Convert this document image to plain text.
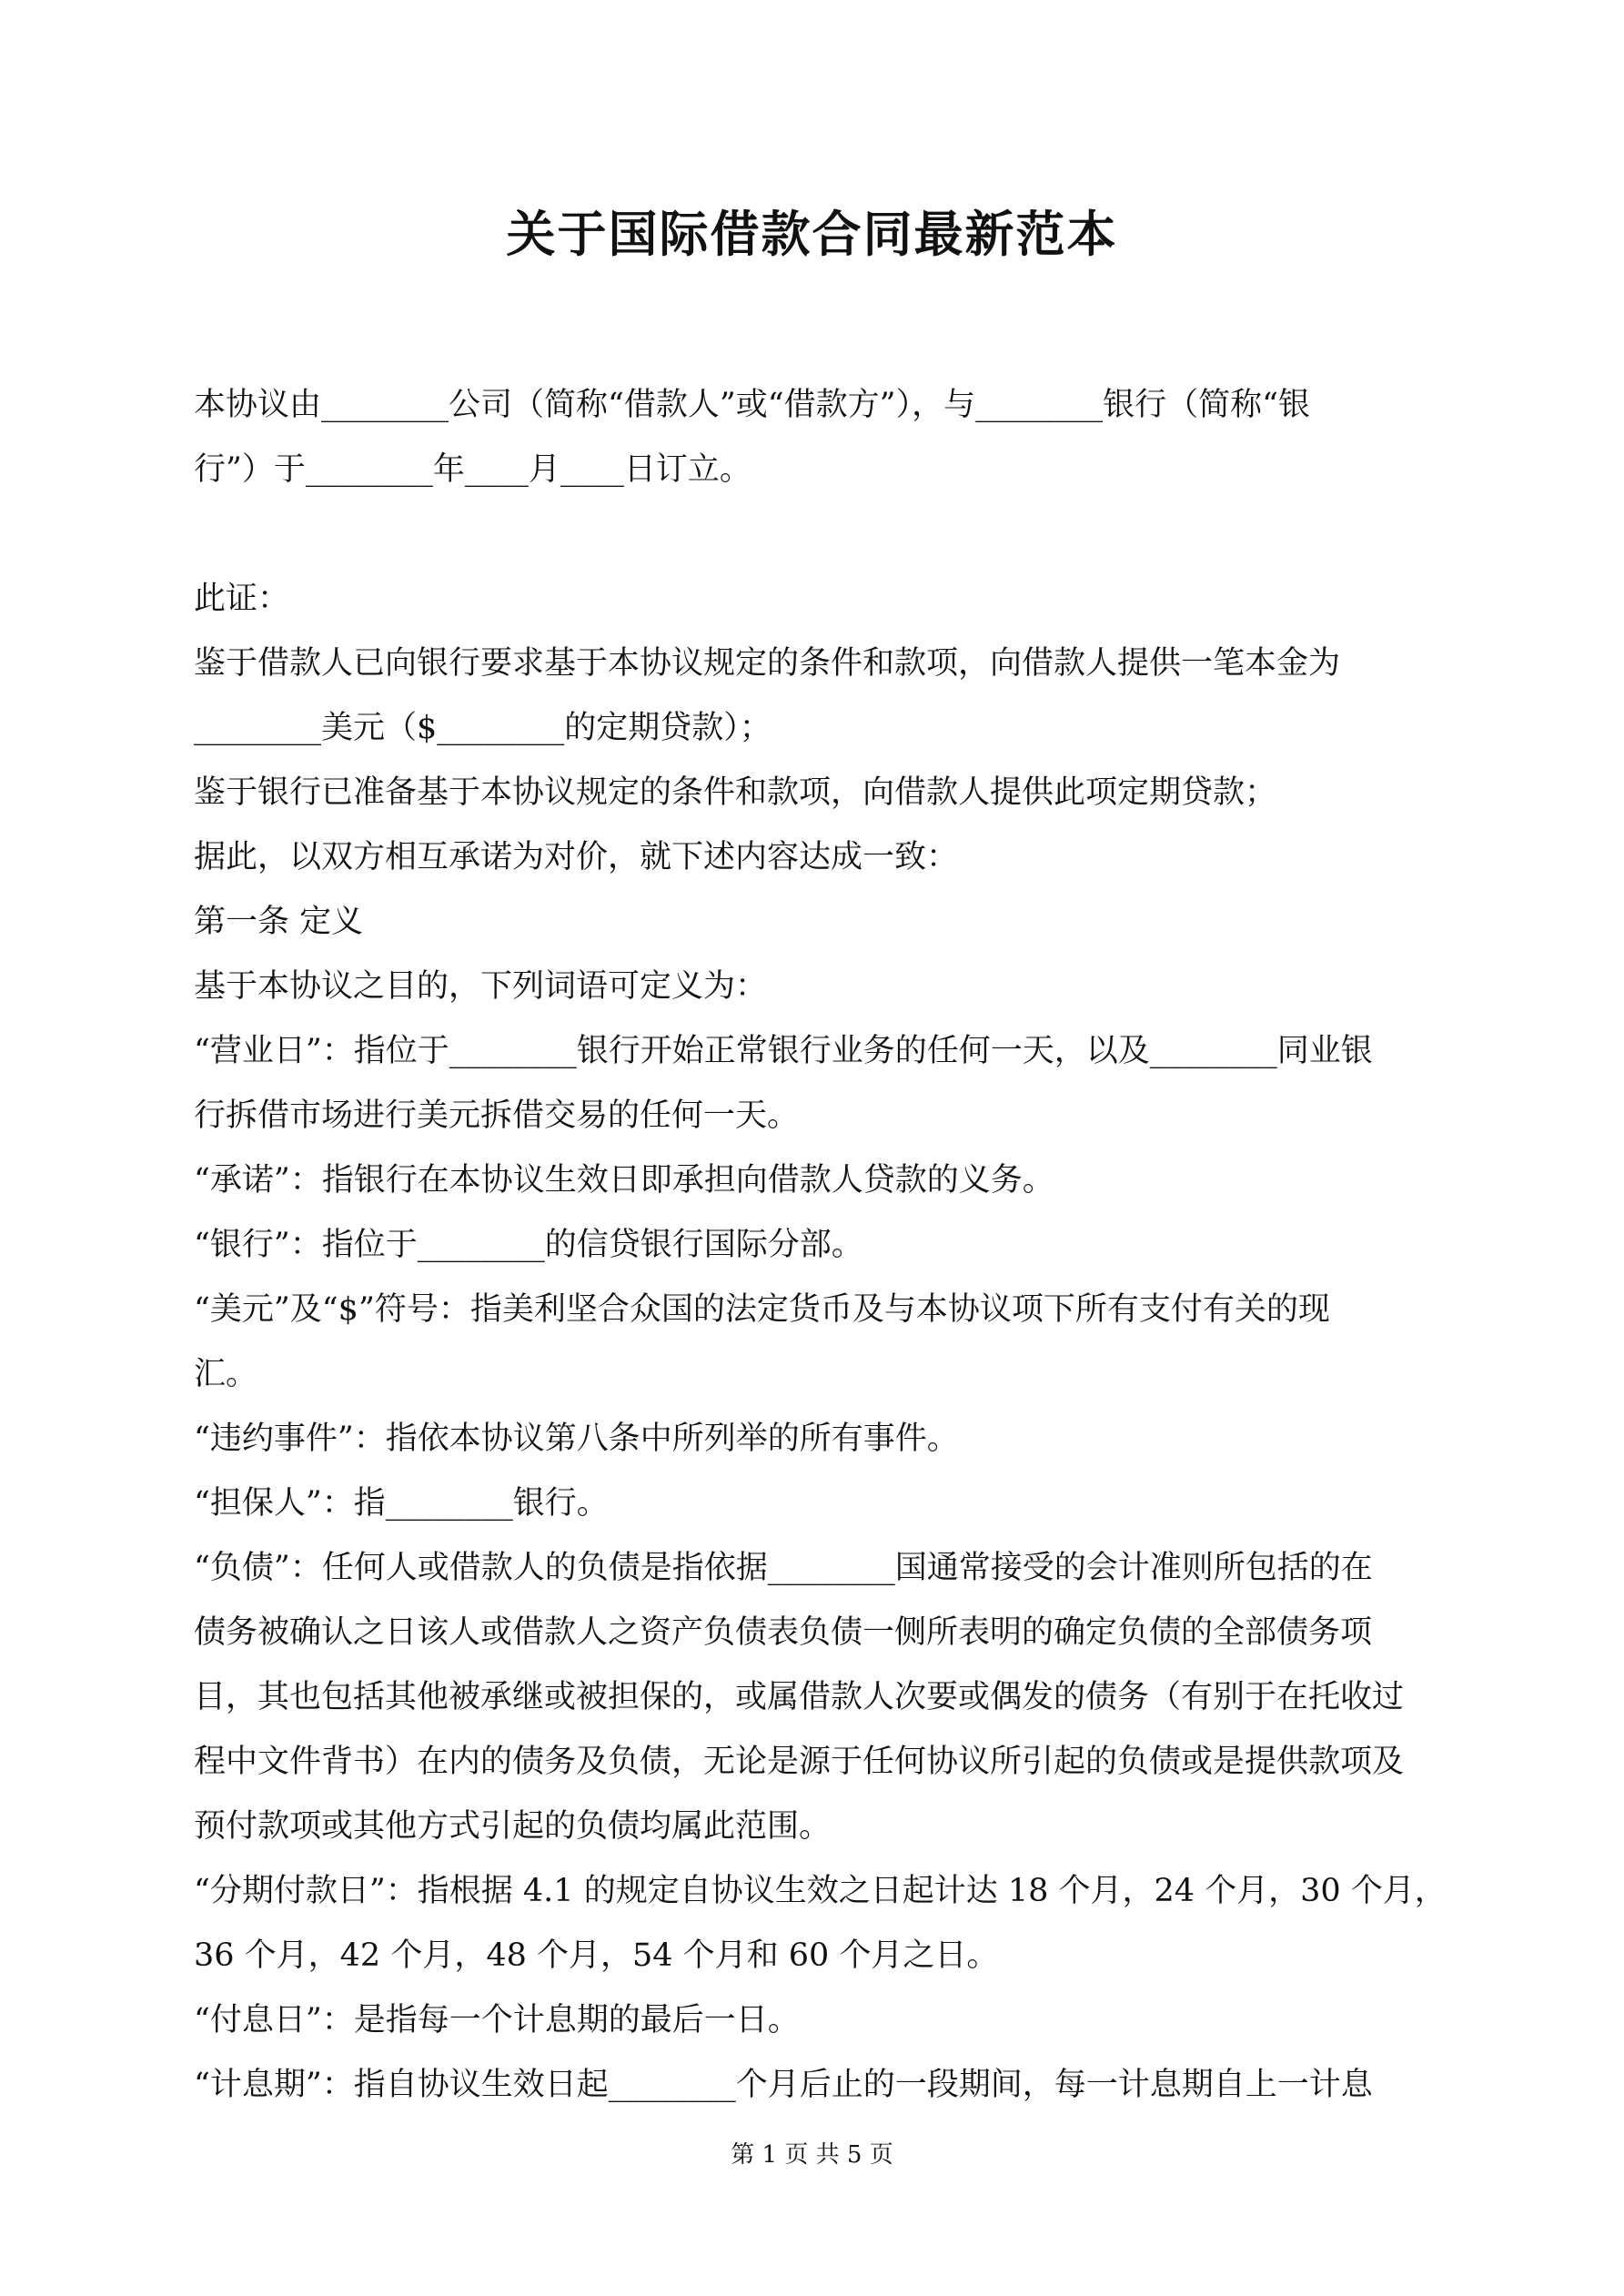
关于国际借款合同最新范本

本协议由________公司（简称“借款人”或“借款方”），与________银行（简称“银

行”）于________年____月____日订立。

此证：

鉴于借款人已向银行要求基于本协议规定的条件和款项，向借款人提供一笔本金为

________美元（$________的定期贷款）；

鉴于银行已准备基于本协议规定的条件和款项，向借款人提供此项定期贷款；

据此，以双方相互承诺为对价，就下述内容达成一致：

第一条 定义

基于本协议之目的，下列词语可定义为：

“营业日”：指位于________银行开始正常银行业务的任何一天，以及________同业银

行拆借市场进行美元拆借交易的任何一天。

“承诺”：指银行在本协议生效日即承担向借款人贷款的义务。

“银行”：指位于________的信贷银行国际分部。

“美元”及“$”符号：指美利坚合众国的法定货币及与本协议项下所有支付有关的现

汇。

“违约事件”：指依本协议第八条中所列举的所有事件。

“担保人”：指________银行。

“负债”：任何人或借款人的负债是指依据________国通常接受的会计准则所包括的在

债务被确认之日该人或借款人之资产负债表负债一侧所表明的确定负债的全部债务项

目，其也包括其他被承继或被担保的，或属借款人次要或偶发的债务（有别于在托收过

程中文件背书）在内的债务及负债，无论是源于任何协议所引起的负债或是提供款项及

预付款项或其他方式引起的负债均属此范围。

“分期付款日”：指根据 4.1 的规定自协议生效之日起计达 18 个月，24 个月，30 个月，

36 个月，42 个月，48 个月，54 个月和 60 个月之日。

“付息日”：是指每一个计息期的最后一日。

“计息期”：指自协议生效日起________个月后止的一段期间，每一计息期自上一计息

第 1 页 共 5 页
